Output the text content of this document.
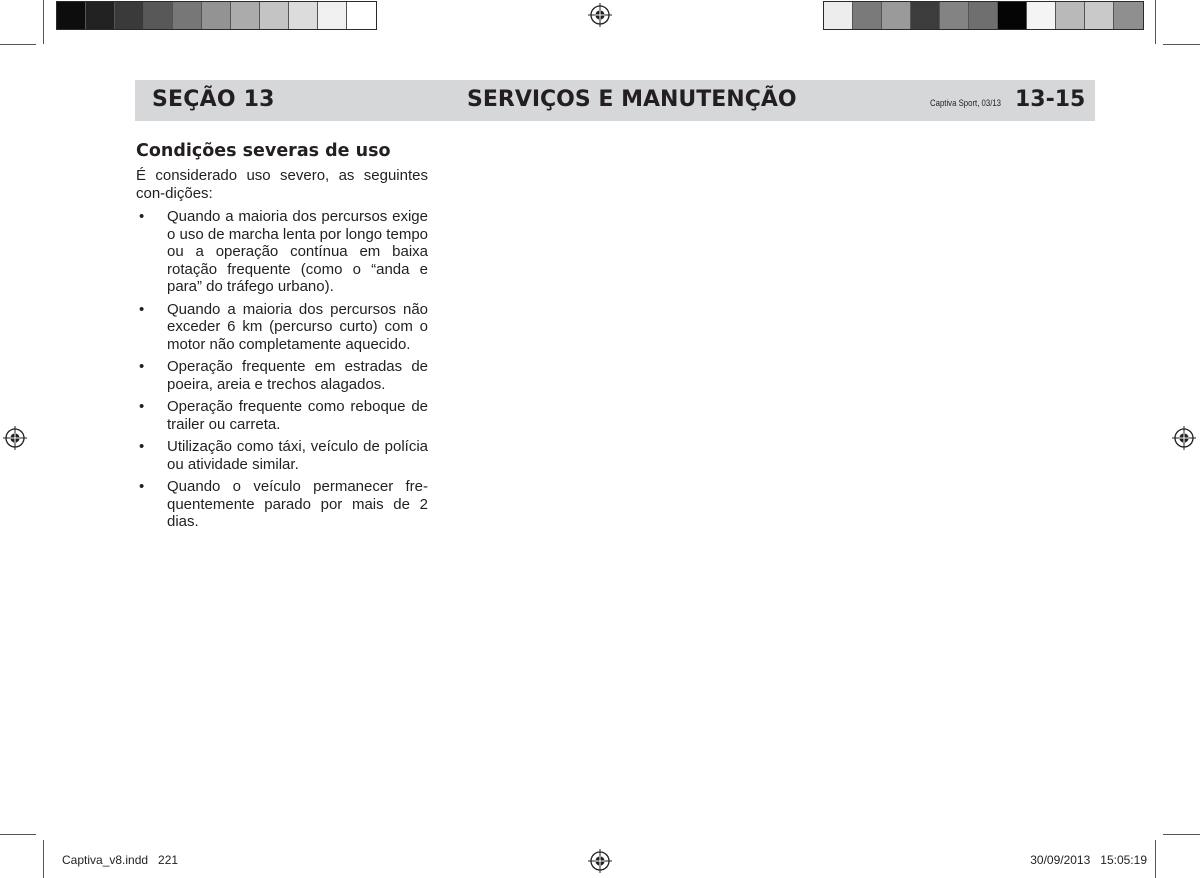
SEÇÃO 13	SERVIÇOS E MANUTENÇÃO	Captiva Sport, 03/13 13-15
Condições severas de uso

É considerado uso severo, as seguintes con-dições:

• Quando a maioria dos percursos exige o uso de marcha lenta por longo tempo ou a operação contínua em baixa rotação frequente (como o “anda e para” do tráfego urbano).
• Quando a maioria dos percursos não exceder 6 km (percurso curto) com o motor não completamente aquecido.
• Operação frequente em estradas de poeira, areia e trechos alagados.
• Operação frequente como reboque de trailer ou carreta.
• Utilização como táxi, veículo de polícia ou atividade similar.
• Quando o veículo permanecer fre-quentemente parado por mais de 2 dias.
Captiva_v8.indd   221	30/09/2013   15:05:19
